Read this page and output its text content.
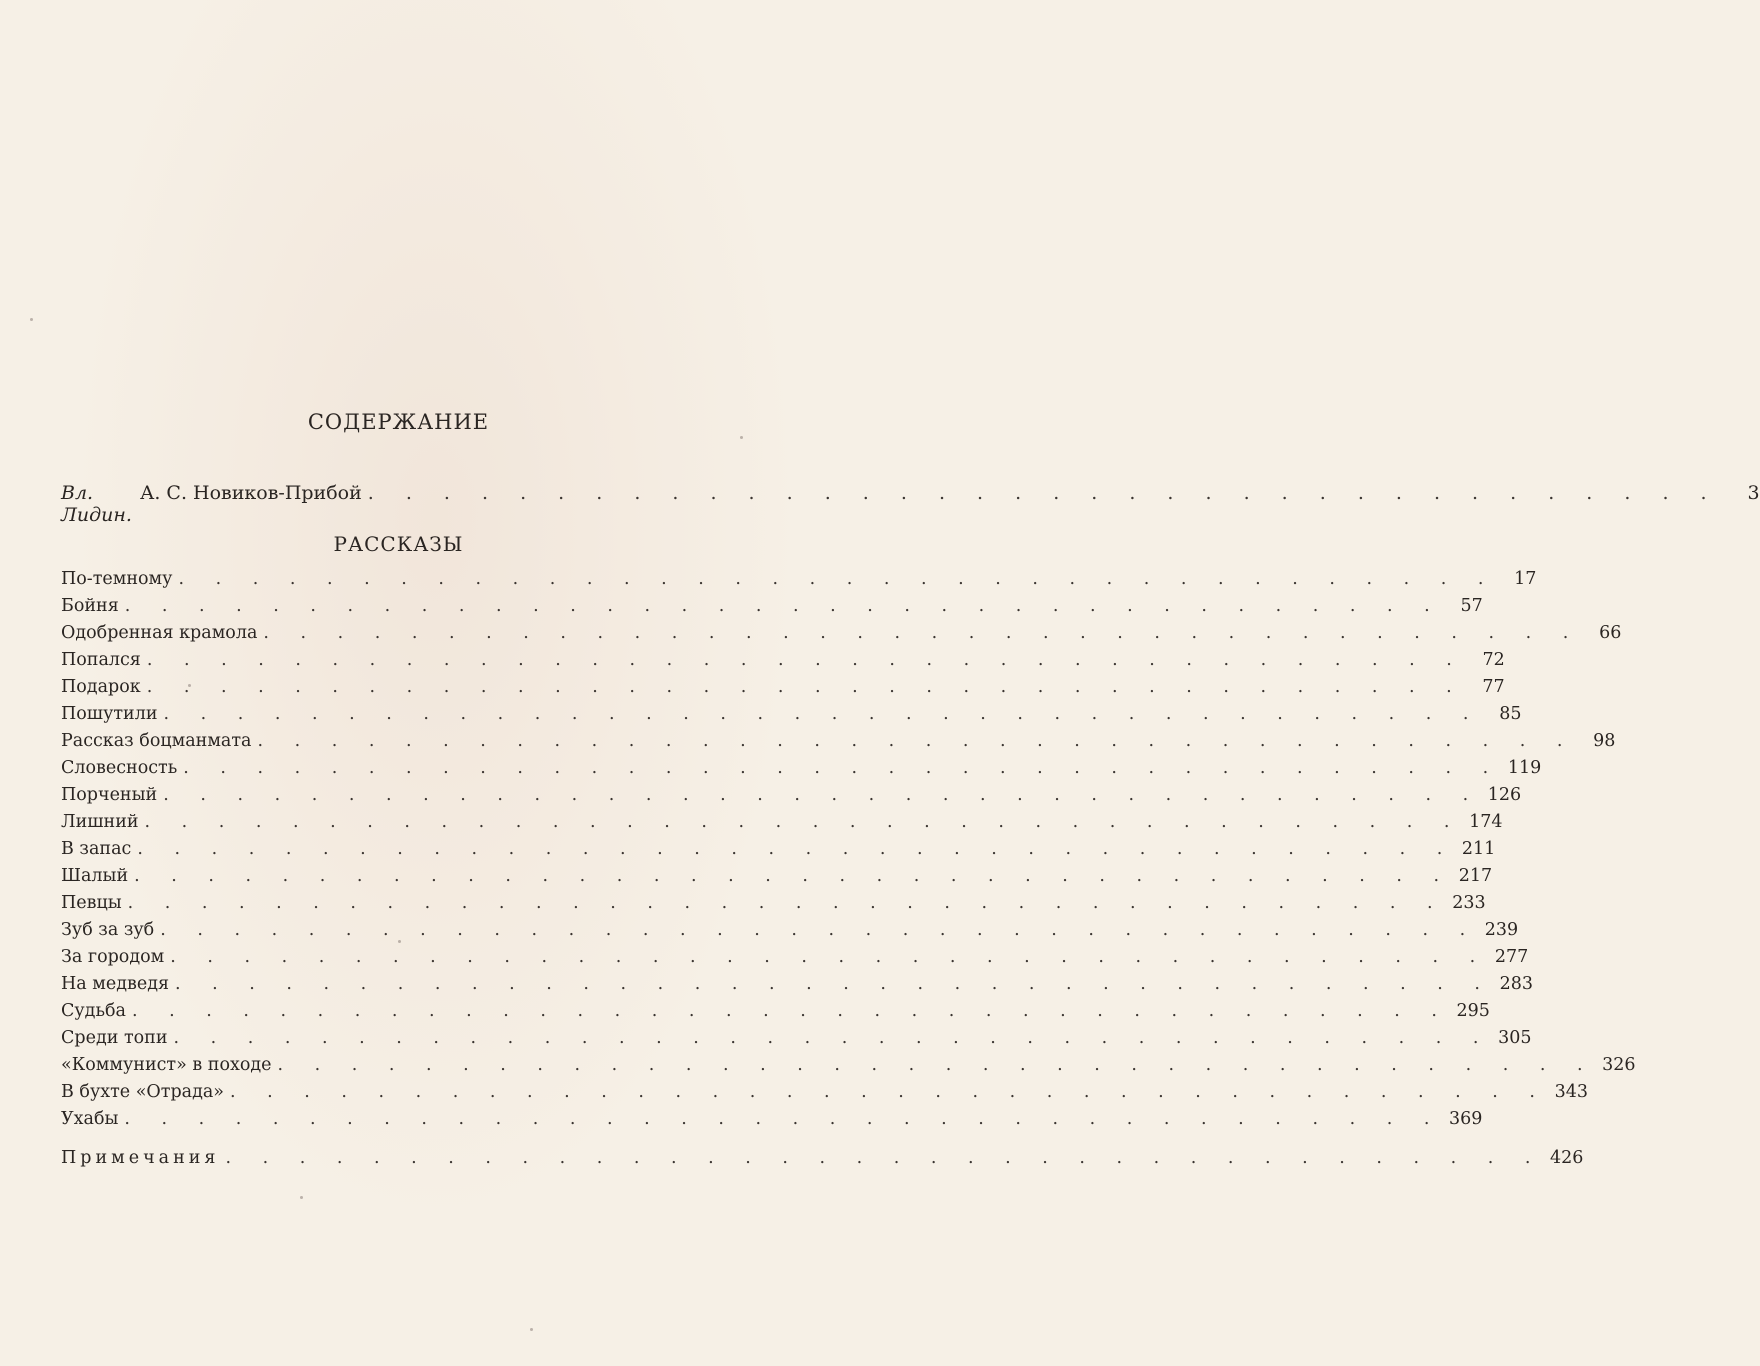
СОДЕРЖАНИЕ
Вл. Лидин.
А. С. Новиков-Прибой . . . . . . . . . . . . . . . . . . . . . . . . . . . . . . . . . . . .	3
РАССКАЗЫ
По-темному . . . . . . . . . . . . . . . . . . . . . . . . . . . . . . . . . . . .	17
Бойня . . . . . . . . . . . . . . . . . . . . . . . . . . . . . . . . . . . .	57
Одобренная крамола . . . . . . . . . . . . . . . . . . . . . . . . . . . . . . . . . . . .	66
Попался . . . . . . . . . . . . . . . . . . . . . . . . . . . . . . . . . . . .	72
Подарок . . . . . . . . . . . . . . . . . . . . . . . . . . . . . . . . . . . .	77
Пошутили . . . . . . . . . . . . . . . . . . . . . . . . . . . . . . . . . . . .	85
Рассказ боцманмата . . . . . . . . . . . . . . . . . . . . . . . . . . . . . . . . . . . .	98
Словесность . . . . . . . . . . . . . . . . . . . . . . . . . . . . . . . . . . . . 119
Порченый . . . . . . . . . . . . . . . . . . . . . . . . . . . . . . . . . . . . 126
Лишний . . . . . . . . . . . . . . . . . . . . . . . . . . . . . . . . . . . . 174
В запас . . . . . . . . . . . . . . . . . . . . . . . . . . . . . . . . . . . . 211
Шалый . . . . . . . . . . . . . . . . . . . . . . . . . . . . . . . . . . . . 217
Певцы . . . . . . . . . . . . . . . . . . . . . . . . . . . . . . . . . . . . 233
Зуб за зуб . . . . . . . . . . . . . . . . . . . . . . . . . . . . . . . . . . . . 239
За городом . . . . . . . . . . . . . . . . . . . . . . . . . . . . . . . . . . . . 277
На медведя . . . . . . . . . . . . . . . . . . . . . . . . . . . . . . . . . . . . 283
Судьба . . . . . . . . . . . . . . . . . . . . . . . . . . . . . . . . . . . . 295
Среди топи . . . . . . . . . . . . . . . . . . . . . . . . . . . . . . . . . . . . 305
«Коммунист» в походе . . . . . . . . . . . . . . . . . . . . . . . . . . . . . . . . . . . . 326
В бухте «Отрада» . . . . . . . . . . . . . . . . . . . . . . . . . . . . . . . . . . . . 343
Ухабы . . . . . . . . . . . . . . . . . . . . . . . . . . . . . . . . . . . . 369
Примечания . . . . . . . . . . . . . . . . . . . . . . . . . . . . . . . . . . . . 426
